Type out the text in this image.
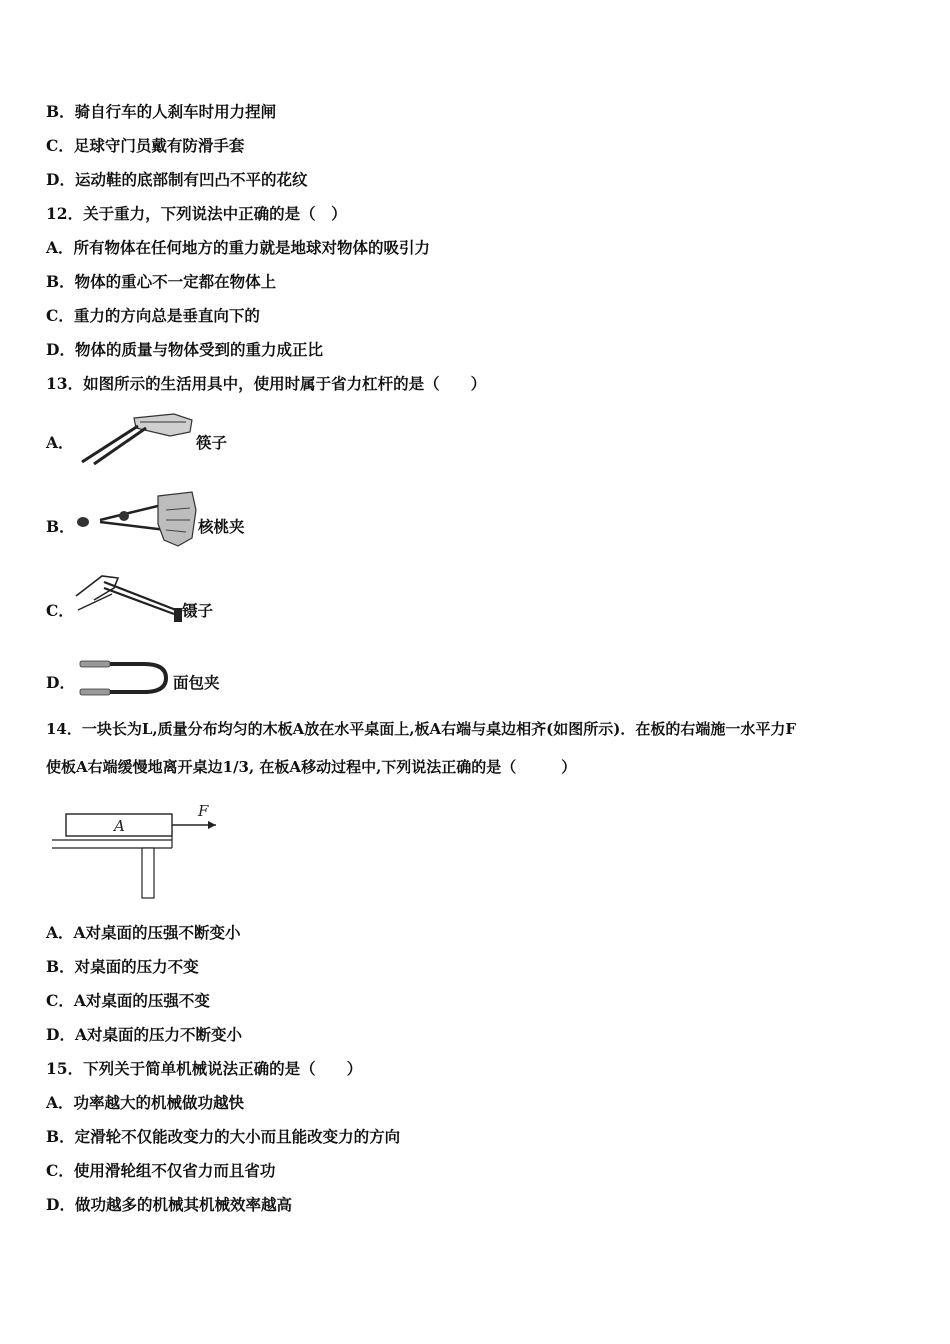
B．骑自行车的人刹车时用力捏闸
C．足球守门员戴有防滑手套
D．运动鞋的底部制有凹凸不平的花纹
12．关于重力，下列说法中正确的是（　）
A．所有物体在任何地方的重力就是地球对物体的吸引力
B．物体的重心不一定都在物体上
C．重力的方向总是垂直向下的
D．物体的质量与物体受到的重力成正比
13．如图所示的生活用具中，使用时属于省力杠杆的是（　　）
A．	筷子
B．	核桃夹
C．	镊子
D．	面包夹
14．一块长为L,质量分布均匀的木板A放在水平桌面上,板A右端与桌边相齐(如图所示)．在板的右端施一水平力F
使板A右端缓慢地离开桌边1/3, 在板A移动过程中,下列说法正确的是（　　　）
A
F
A．A对桌面的压强不断变小
B．对桌面的压力不变
C．A对桌面的压强不变
D．A对桌面的压力不断变小
15．下列关于简单机械说法正确的是（　　）
A．功率越大的机械做功越快
B．定滑轮不仅能改变力的大小而且能改变力的方向
C．使用滑轮组不仅省力而且省功
D．做功越多的机械其机械效率越高
